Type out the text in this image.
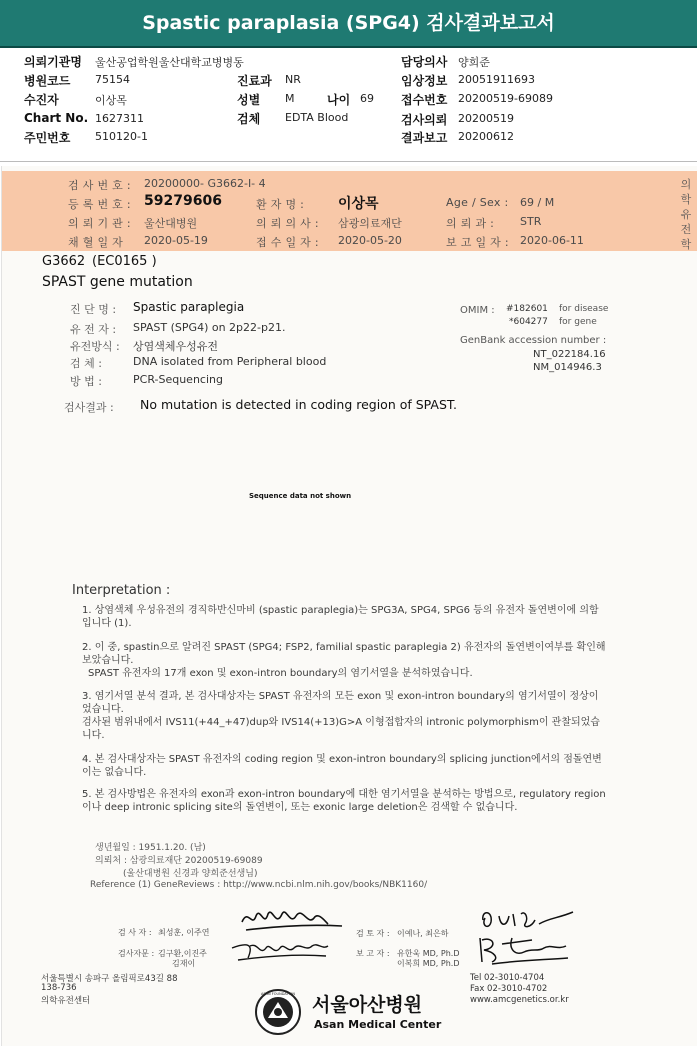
Spastic paraplasia (SPG4) 검사결과보고서
의뢰기관명 울산공업학원울산대학교병병동
병원코드 75154
수진자	이상목
Chart No. 1627311
주민번호 510120-1
진료과 NR
성별 M	나이 69
검체 EDTA Blood
담당의사 양희준
임상정보 20051911693
접수번호 20200519-69089
검사의뢰 20200519
결과보고 20200612
검 사 번 호 : 20200000- G3662-I- 4
등 록 번 호 : 59279606	환 자 명 : 이상목	Age / Sex : 69 / M
의 뢰 기 관 : 울산대병원	의 뢰 의 사 : 삼광의료재단	의 뢰 과 : STR
채 혈 일 자 2020-05-19	접 수 일 자 : 2020-05-20	보 고 일 자 : 2020-06-11
의학유전학
G3662 (EC0165 )
SPAST gene mutation
진 단 명 : Spastic paraplegia
유 전 자 : SPAST (SPG4) on 2p22-p21.
유전방식 : 상염색체우성유전
검 체 :	DNA isolated from Peripheral blood
방 법 :	PCR-Sequencing
OMIM : #182601 for disease
*604277 for gene
GenBank accession number :
NT_022184.16
NM_014946.3
검사결과 : No mutation is detected in coding region of SPAST.
Sequence data not shown
Interpretation :
1. 상염색체 우성유전의 경직하반신마비 (spastic paraplegia)는 SPG3A, SPG4, SPG6 등의 유전자 돌연변이에 의함입니다 (1).
2. 이 중, spastin으로 알려진 SPAST (SPG4; FSP2, familial spastic paraplegia 2) 유전자의 돌연변이여부를 확인해 보았습니다.
SPAST 유전자의 17개 exon 및 exon-intron boundary의 염기서열을 분석하였습니다.
3. 염기서열 분석 결과, 본 검사대상자는 SPAST 유전자의 모든 exon 및 exon-intron boundary의 염기서열이 정상이었습니다.
검사된 범위내에서 IVS11(+44_+47)dup와 IVS14(+13)G>A 이형접합자의 intronic polymorphism이 관찰되었습니다.
4. 본 검사대상자는 SPAST 유전자의 coding region 및 exon-intron boundary의 splicing junction에서의 점돌연변이는 없습니다.
5. 본 검사방법은 유전자의 exon과 exon-intron boundary에 대한 염기서열을 분석하는 방법으로, regulatory region이나 deep intronic splicing site의 돌연변이, 또는 exonic large deletion은 검색할 수 없습니다.
생년월일 : 1951.1.20. (남)
의뢰처 : 삼광의료재단 20200519-69089
(울산대병원 신경과 양희준선생님)
Reference (1) GeneReviews : http://www.ncbi.nlm.nih.gov/books/NBK1160/
검 사 자 : 최성훈, 이주연
검사자문 : 김구환,이진주
김재이
검 토 자 : 이예나, 최은하
보 고 자 : 유한욱 MD, Ph.D
이복희 MD, Ph.D
서울특별시 송파구 올림픽로43길 88
138-736
의학유전센터
Tel 02-3010-4704
Fax 02-3010-4702
www.amcgenetics.or.kr
서울아산병원
Asan Medical Center
ASAN FOUNDATION
